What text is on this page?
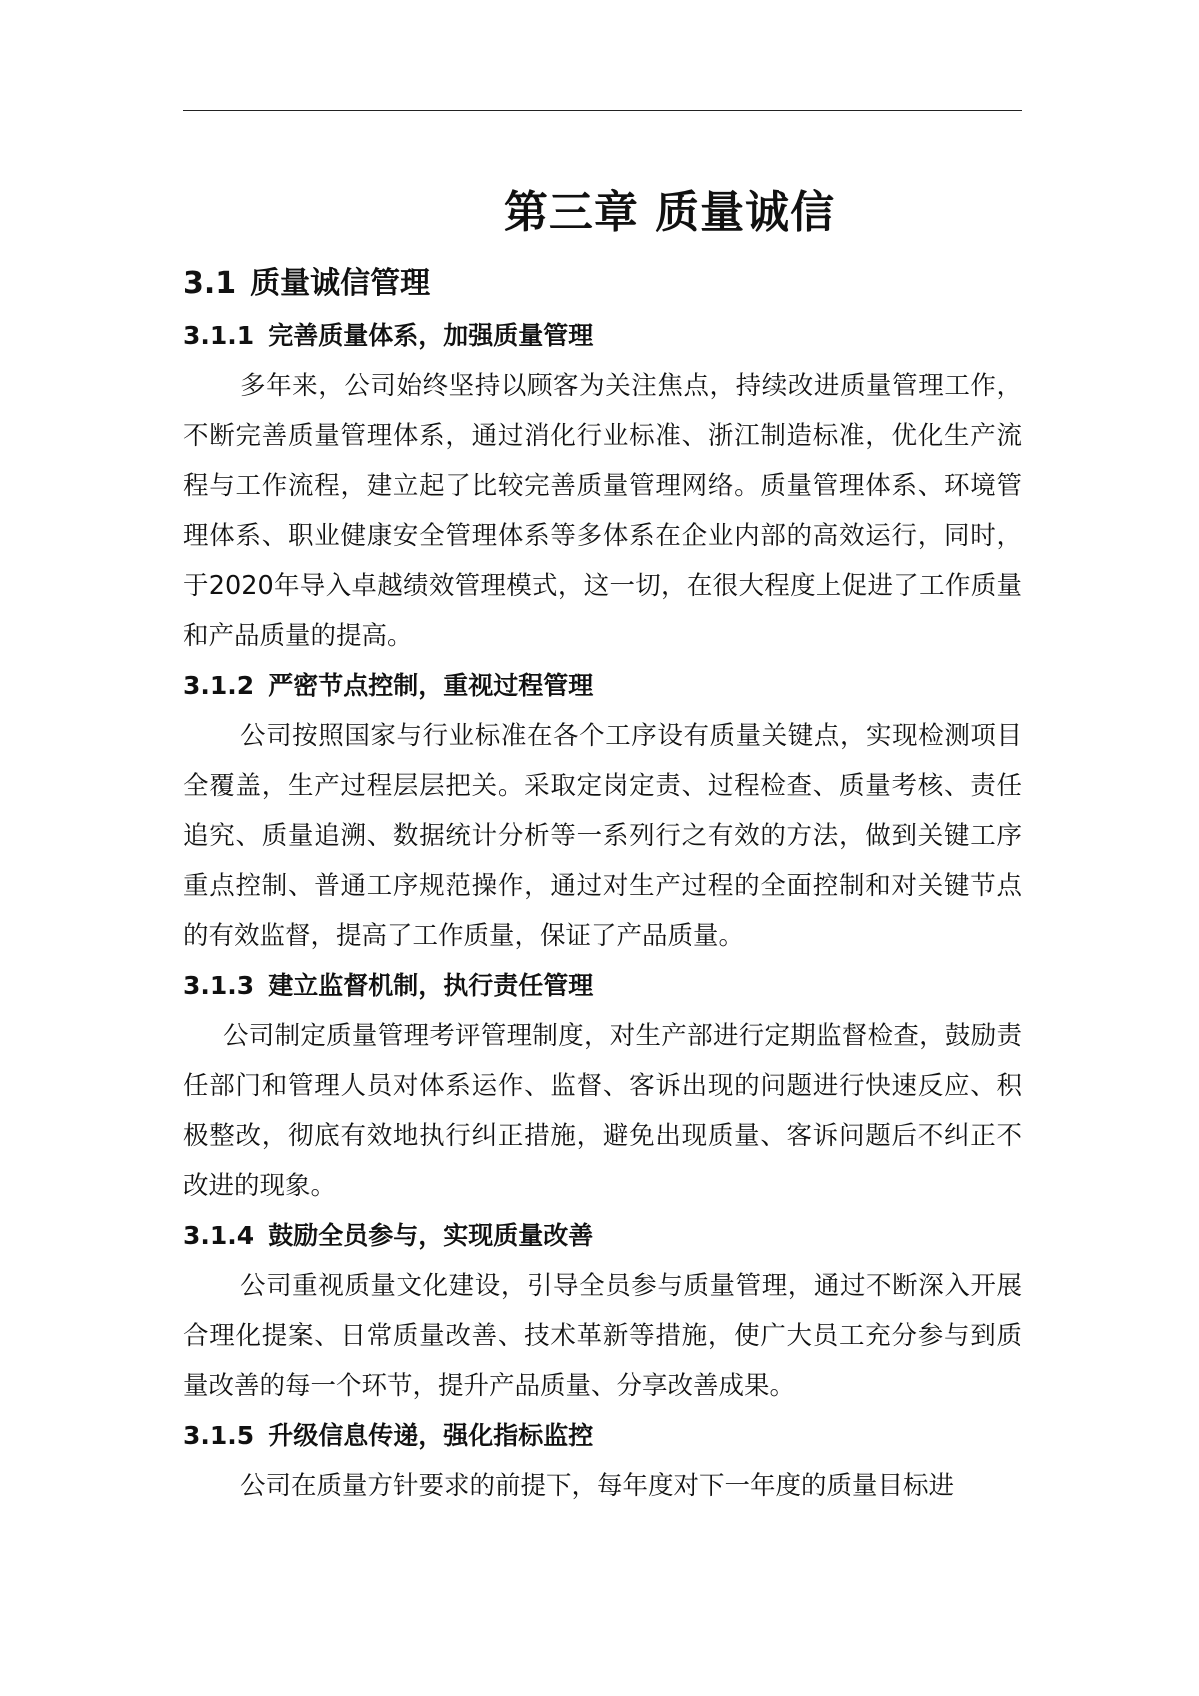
第三章 质量诚信
3.1 质量诚信管理
3.1.1 完善质量体系，加强质量管理

多年来，公司始终坚持以顾客为关注焦点，持续改进质量管理工作，不断完善质量管理体系，通过消化行业标准、浙江制造标准，优化生产流程与工作流程，建立起了比较完善质量管理网络。质量管理体系、环境管理体系、职业健康安全管理体系等多体系在企业内部的高效运行，同时，于2020年导入卓越绩效管理模式，这一切，在很大程度上促进了工作质量和产品质量的提高。

3.1.2 严密节点控制，重视过程管理

公司按照国家与行业标准在各个工序设有质量关键点，实现检测项目全覆盖，生产过程层层把关。采取定岗定责、过程检查、质量考核、责任追究、质量追溯、数据统计分析等一系列行之有效的方法，做到关键工序重点控制、普通工序规范操作，通过对生产过程的全面控制和对关键节点的有效监督，提高了工作质量，保证了产品质量。

3.1.3 建立监督机制，执行责任管理

公司制定质量管理考评管理制度，对生产部进行定期监督检查，鼓励责任部门和管理人员对体系运作、监督、客诉出现的问题进行快速反应、积极整改，彻底有效地执行纠正措施，避免出现质量、客诉问题后不纠正不改进的现象。

3.1.4 鼓励全员参与，实现质量改善

公司重视质量文化建设，引导全员参与质量管理，通过不断深入开展合理化提案、日常质量改善、技术革新等措施，使广大员工充分参与到质量改善的每一个环节，提升产品质量、分享改善成果。

3.1.5 升级信息传递，强化指标监控

公司在质量方针要求的前提下，每年度对下一年度的质量目标进
